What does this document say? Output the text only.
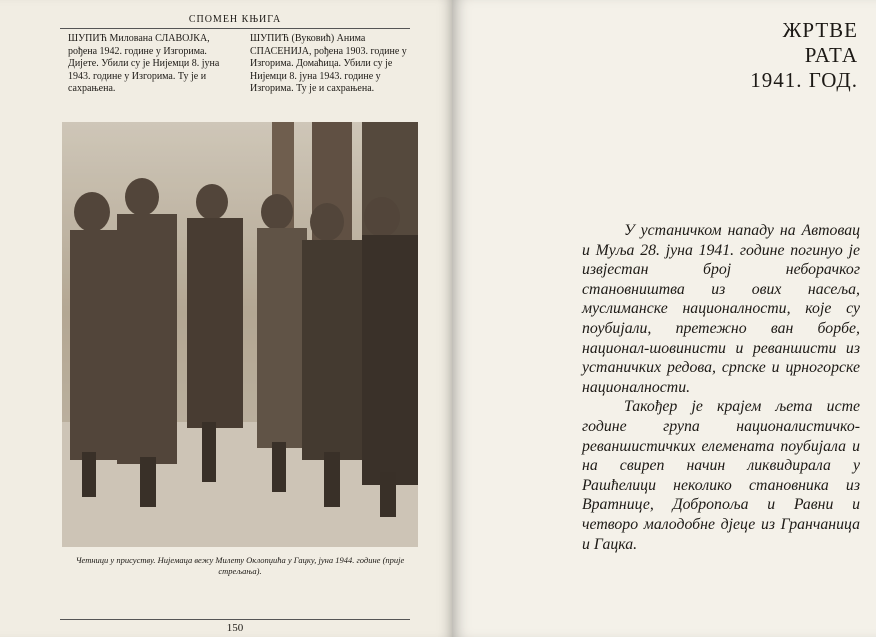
СПОМЕН КЊИГА
ШУПИЋ Милована СЛАВОЈКА, рођена 1942. године у Изгорима. Дијете. Убили су је Нијемци 8. јуна 1943. године у Изгорима. Ту је и сахрањена.
ШУПИЋ (Вуковић) Анима СПАСЕНИЈА, рођена 1903. године у Изгорима. Домаћица. Убили су је Нијемци 8. јуна 1943. године у Изгорима. Ту је и сахрањена.
Четници у присуству. Нијемаца вежу Милету Оклопџића у Гацку, јуна 1944. године (прије стрељања).
150
ЖРТВЕ
РАТА
1941. ГОД.

У устаничком нападу на Автовац и Муља 28. јуна 1941. године погинуо је извјестан број неборачког становништва из ових насеља, муслиманске националности, које су поубијали, претежно ван борбе, национал-шовинисти и реваншисти из устаничких редова, српске и црногорске националности.

Такођер је крајем љета исте године група националистичко-реваншистичких елемената поубијала и на свиреп начин ликвидирала у Рашћелици неколико становника из Вратнице, Добропоља и Равни и четворо малодобне дјеце из Гранчаница и Гацка.
